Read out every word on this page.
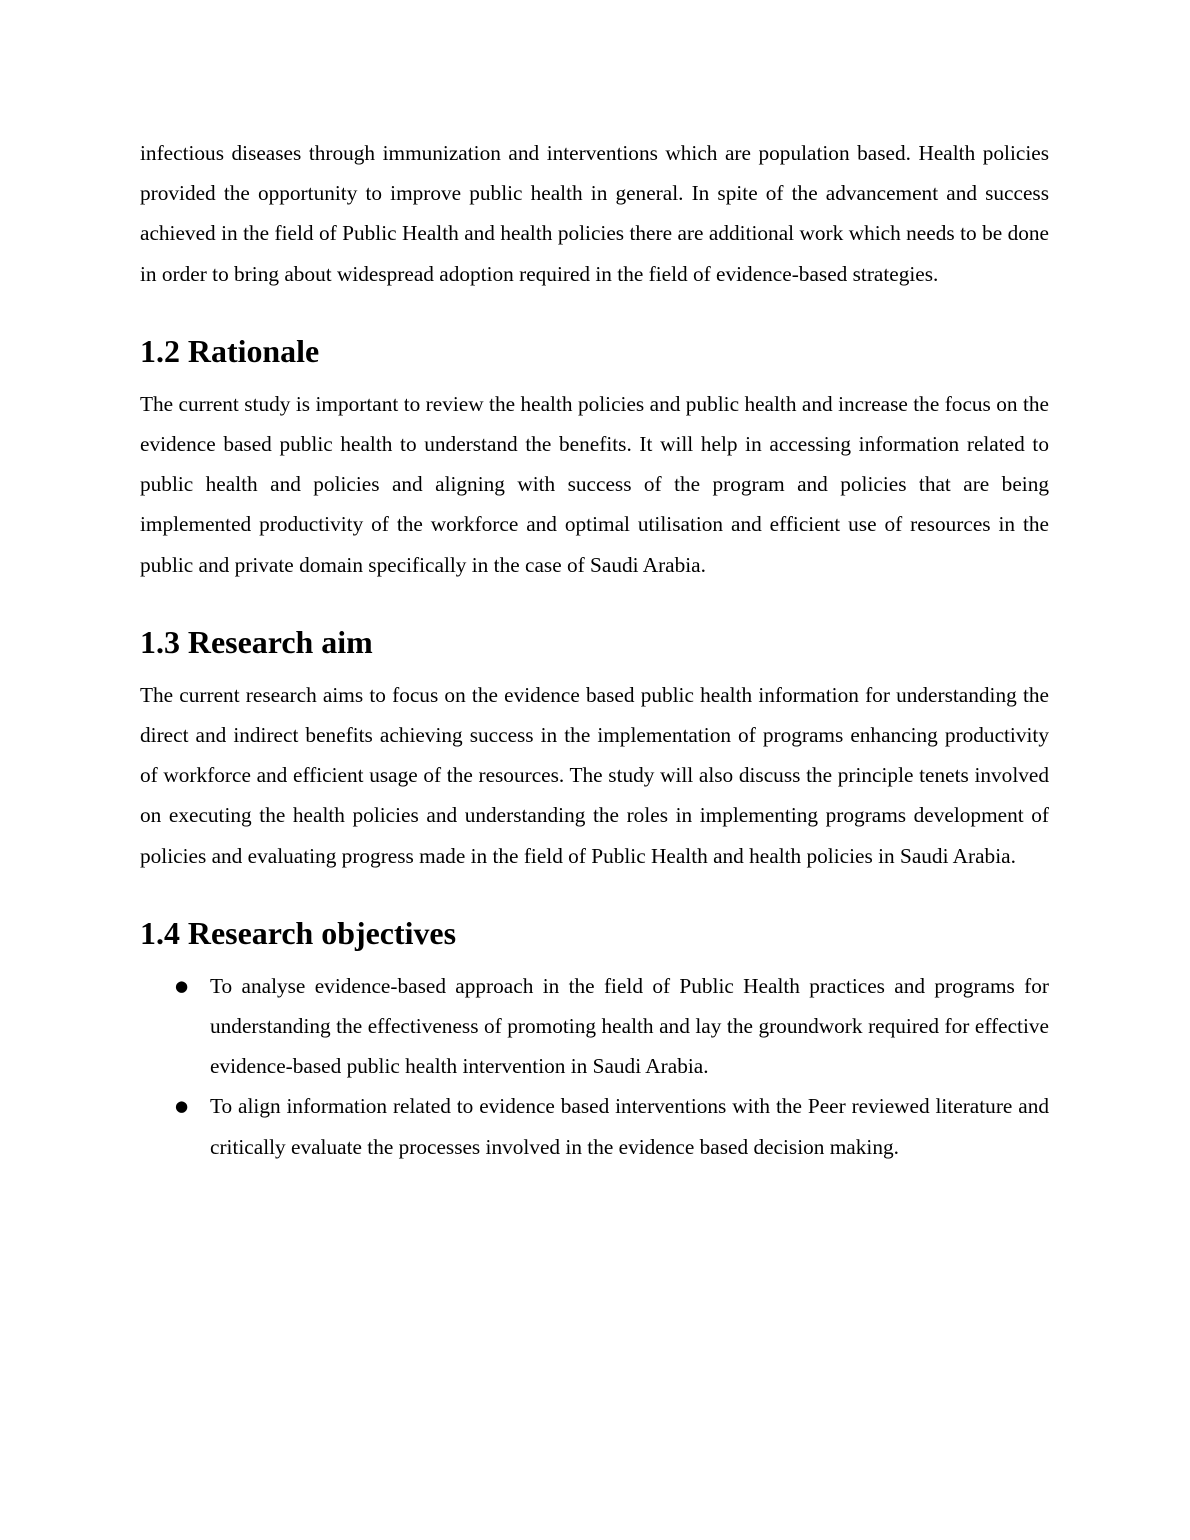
infectious diseases through immunization and interventions which are population based. Health policies provided the opportunity to improve public health in general. In spite of the advancement and success achieved in the field of Public Health and health policies there are additional work which needs to be done in order to bring about widespread adoption required in the field of evidence-based strategies.

1.2 Rationale

The current study is important to review the health policies and public health and increase the focus on the evidence based public health to understand the benefits. It will help in accessing information related to public health and policies and aligning with success of the program and policies that are being implemented productivity of the workforce and optimal utilisation and efficient use of resources in the public and private domain specifically in the case of Saudi Arabia.

1.3 Research aim

The current research aims to focus on the evidence based public health information for understanding the direct and indirect benefits achieving success in the implementation of programs enhancing productivity of workforce and efficient usage of the resources. The study will also discuss the principle tenets involved on executing the health policies and understanding the roles in implementing programs development of policies and evaluating progress made in the field of Public Health and health policies in Saudi Arabia.

1.4 Research objectives
● To analyse evidence-based approach in the field of Public Health practices and programs for understanding the effectiveness of promoting health and lay the groundwork required for effective evidence-based public health intervention in Saudi Arabia.
● To align information related to evidence based interventions with the Peer reviewed literature and critically evaluate the processes involved in the evidence based decision making.
